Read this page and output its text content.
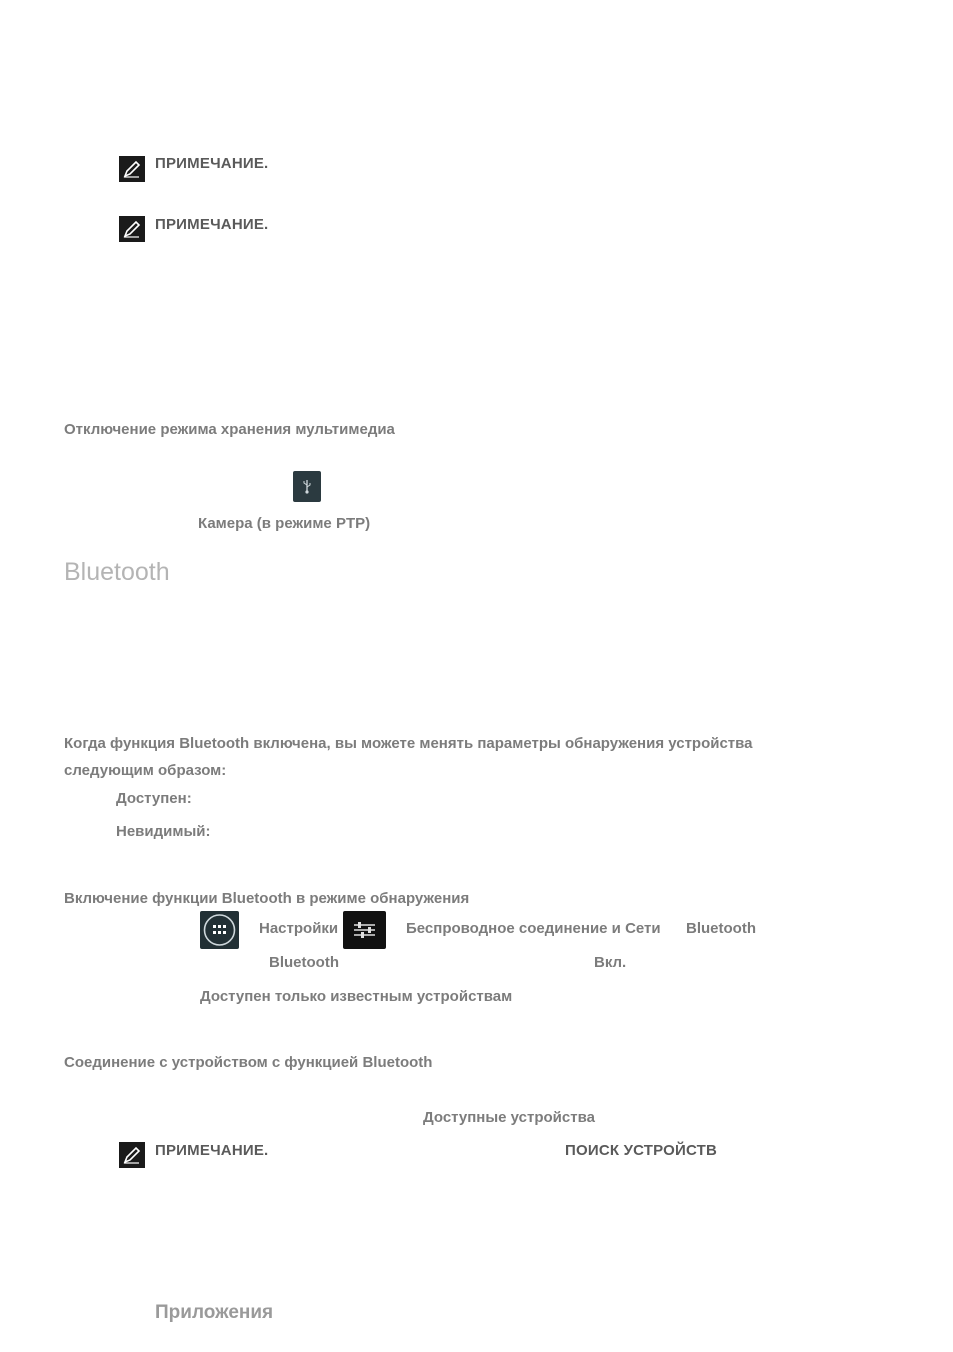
ПРИМЕЧАНИЕ.
ПРИМЕЧАНИЕ.
Отключение режима хранения мультимедиа
Камера (в режиме PTP)
Bluetooth
Когда функция Bluetooth включена, вы можете менять параметры обнаружения устройства
следующим образом:
Доступен:
Невидимый:
Включение функции Bluetooth в режиме обнаружения
Настройки	Беспроводное соединение и Сети Bluetooth
Bluetooth	Вкл.
Доступен только известным устройствам
Соединение с устройством с функцией Bluetooth
Доступные устройства
ПРИМЕЧАНИЕ.	ПОИСК УСТРОЙСТВ
Приложения
